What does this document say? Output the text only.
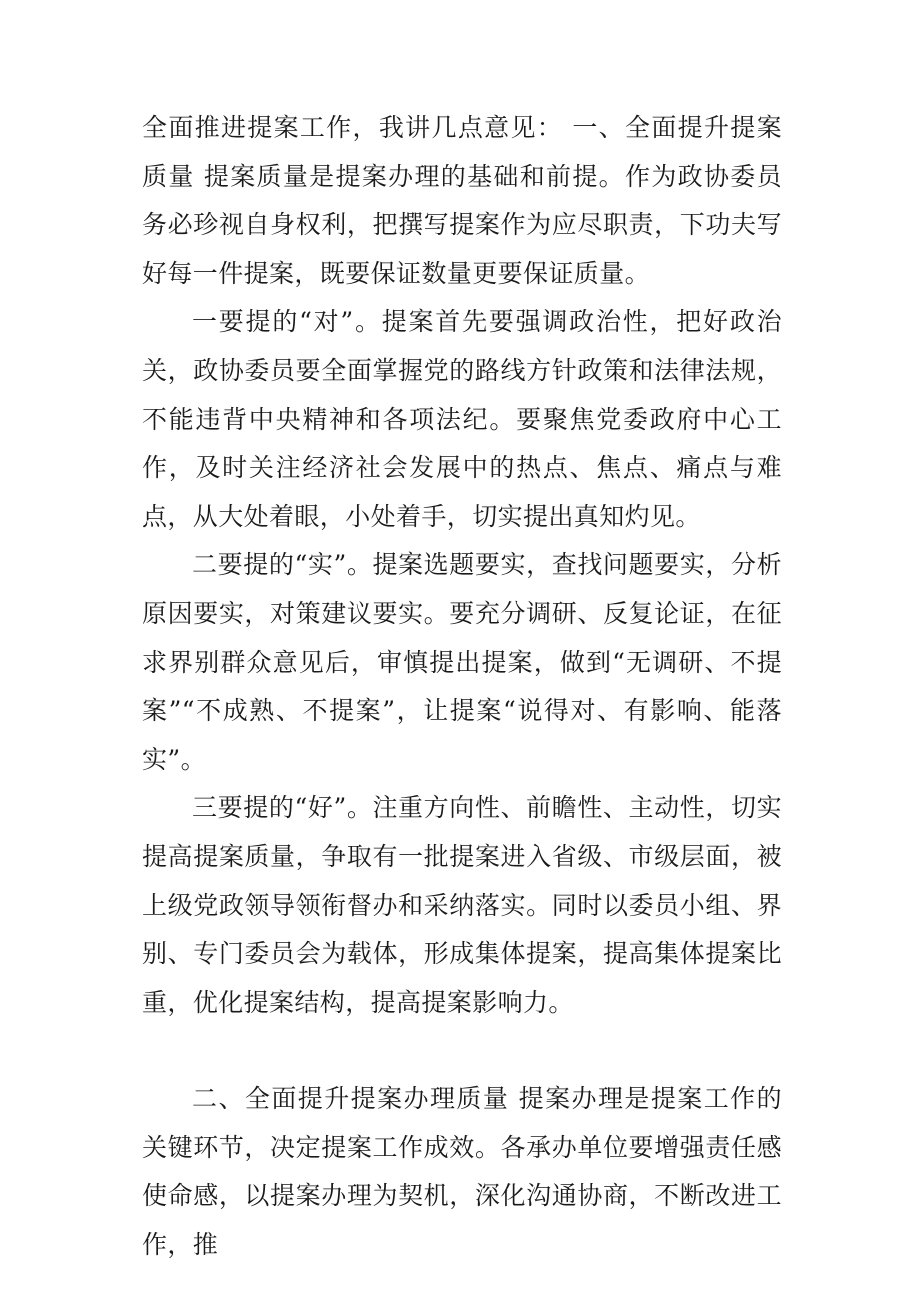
全面推进提案工作，我讲几点意见： 一、全面提升提案质量 提案质量是提案办理的基础和前提。作为政协委员务必珍视自身权利，把撰写提案作为应尽职责，下功夫写好每一件提案，既要保证数量更要保证质量。

一要提的“对”。提案首先要强调政治性，把好政治关，政协委员要全面掌握党的路线方针政策和法律法规，不能违背中央精神和各项法纪。要聚焦党委政府中心工作，及时关注经济社会发展中的热点、焦点、痛点与难点，从大处着眼，小处着手，切实提出真知灼见。

二要提的“实”。提案选题要实，查找问题要实，分析原因要实，对策建议要实。要充分调研、反复论证，在征求界别群众意见后，审慎提出提案，做到“无调研、不提案”“不成熟、不提案”，让提案“说得对、有影响、能落实”。

三要提的“好”。注重方向性、前瞻性、主动性，切实提高提案质量，争取有一批提案进入省级、市级层面，被上级党政领导领衔督办和采纳落实。同时以委员小组、界别、专门委员会为载体，形成集体提案，提高集体提案比重，优化提案结构，提高提案影响力。

二、全面提升提案办理质量 提案办理是提案工作的关键环节，决定提案工作成效。各承办单位要增强责任感使命感，以提案办理为契机，深化沟通协商，不断改进工作，推
